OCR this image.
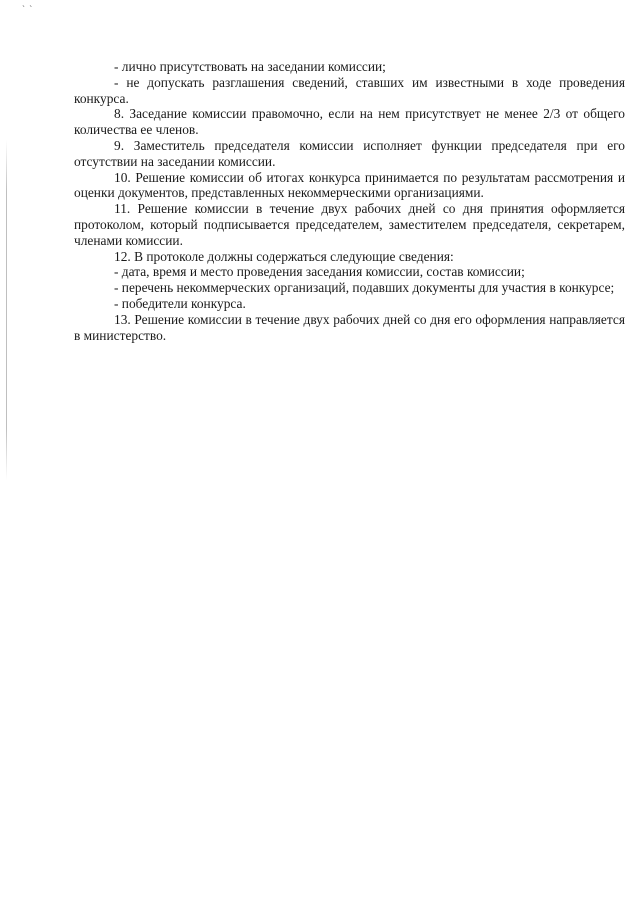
` `

- лично присутствовать на заседании комиссии;

- не допускать разглашения сведений, ставших им известными в ходе проведения конкурса.

8. Заседание комиссии правомочно, если на нем присутствует не менее 2/3 от общего количества ее членов.

9. Заместитель председателя комиссии исполняет функции председателя при его отсутствии на заседании комиссии.

10. Решение комиссии об итогах конкурса принимается по результатам рассмотрения и оценки документов, представленных некоммерческими организациями.

11. Решение комиссии в течение двух рабочих дней со дня принятия оформляется протоколом, который подписывается председателем, заместителем председателя, секретарем, членами комиссии.

12. В протоколе должны содержаться следующие сведения:

- дата, время и место проведения заседания комиссии, состав комиссии;

- перечень некоммерческих организаций, подавших документы для участия в конкурсе;

- победители конкурса.

13. Решение комиссии в течение двух рабочих дней со дня его оформления направляется в министерство.
